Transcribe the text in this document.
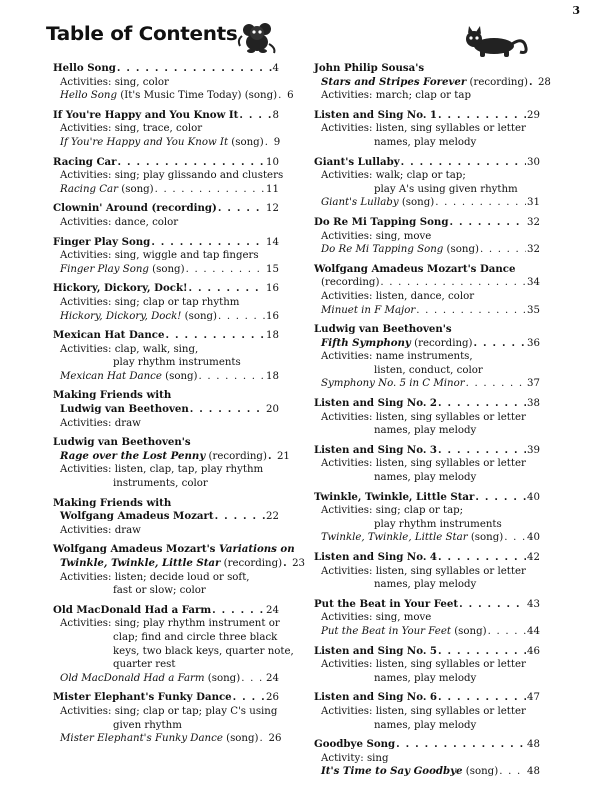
3
Table of Contents
Hello Song . . .	4
Activities: sing, color
Hello Song (It's Music Time Today) (song) . . . 6
If You're Happy and You Know It . . .	8
Activities: sing, trace, color
If You're Happy and You Know It (song) . . . 9
Racing Car . . .	10
Activities: sing; play glissando and clusters
Racing Car (song) . . .	11
Clownin' Around (recording) . . .	12
Activities: dance, color
Finger Play Song . . .	14
Activities: sing, wiggle and tap fingers
Finger Play Song (song) . . .	15
Hickory, Dickory, Dock! . . .	16
Activities: sing; clap or tap rhythm
Hickory, Dickory, Dock! (song) . . .	16
Mexican Hat Dance . . .	18
Activities: clap, walk, sing,
play rhythm instruments
Mexican Hat Dance (song) . . .	18
Making Friends with
Ludwig van Beethoven . . .	20
Activities: draw
Ludwig van Beethoven's
Rage over the Lost Penny (recording) . . . 21
Activities: listen, clap, tap, play rhythm
instruments, color
Making Friends with
Wolfgang Amadeus Mozart . . .	22
Activities: draw
Wolfgang Amadeus Mozart's Variations on
Twinkle, Twinkle, Little Star (recording) . . . 23
Activities: listen; decide loud or soft,
fast or slow; color
Old MacDonald Had a Farm . . .	24
Activities: sing; play rhythm instrument or
clap; find and circle three black
keys, two black keys, quarter note,
quarter rest
Old MacDonald Had a Farm (song) . . .	24
Mister Elephant's Funky Dance . . .	26
Activities: sing; clap or tap; play C's using
given rhythm
Mister Elephant's Funky Dance (song) . . . 26
John Philip Sousa's
Stars and Stripes Forever (recording) . . . 28
Activities: march; clap or tap
Listen and Sing No. 1 . . .	29
Activities: listen, sing syllables or letter
names, play melody
Giant's Lullaby . . .	30
Activities: walk; clap or tap;
play A's using given rhythm
Giant's Lullaby (song) . . .	31
Do Re Mi Tapping Song . . .	32
Activities: sing, move
Do Re Mi Tapping Song (song) . . .	32
Wolfgang Amadeus Mozart's Dance
(recording) . . .	34
Activities: listen, dance, color
Minuet in F Major . . .	35
Ludwig van Beethoven's
Fifth Symphony (recording) . . .	36
Activities: name instruments,
listen, conduct, color
Symphony No. 5 in C Minor . . .	37
Listen and Sing No. 2 . . .	38
Activities: listen, sing syllables or letter
names, play melody
Listen and Sing No. 3 . . .	39
Activities: listen, sing syllables or letter
names, play melody
Twinkle, Twinkle, Little Star . . .	40
Activities: sing; clap or tap;
play rhythm instruments
Twinkle, Twinkle, Little Star (song) . . . 40
Listen and Sing No. 4 . . .	42
Activities: listen, sing syllables or letter
names, play melody
Put the Beat in Your Feet . . .	43
Activities: sing, move
Put the Beat in Your Feet (song) . . .	44
Listen and Sing No. 5 . . .	46
Activities: listen, sing syllables or letter
names, play melody
Listen and Sing No. 6 . . .	47
Activities: listen, sing syllables or letter
names, play melody
Goodbye Song . . .	48
Activity: sing
It's Time to Say Goodbye (song) . . .	48
